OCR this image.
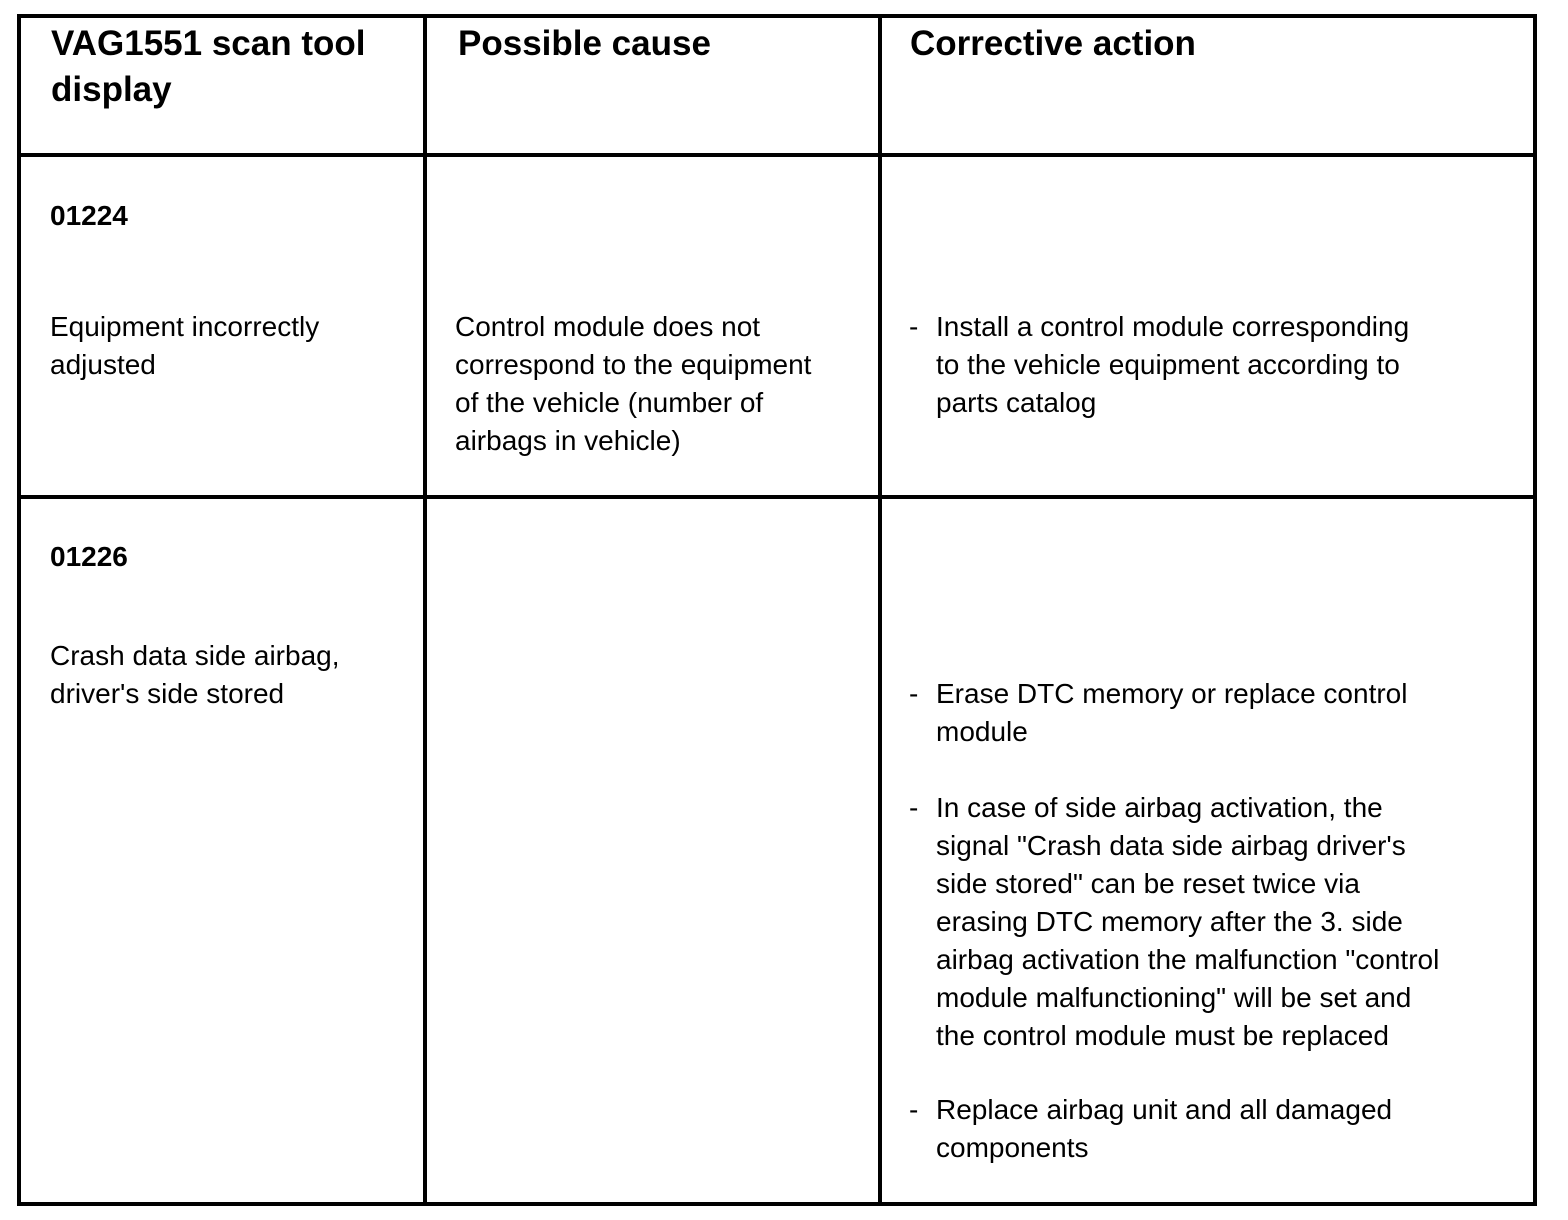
VAG1551 scan tool
display
Possible cause	Corrective action
01224
Equipment incorrectly
adjusted
Control module does not
correspond to the equipment
of the vehicle (number of
airbags in vehicle)
- Install a control module corresponding
to the vehicle equipment according to
parts catalog
01226
Crash data side airbag,
driver's side stored	- Erase DTC memory or replace control
module
- In case of side airbag activation, the
signal "Crash data side airbag driver's
side stored" can be reset twice via
erasing DTC memory after the 3. side
airbag activation the malfunction "control
module malfunctioning" will be set and
the control module must be replaced
- Replace airbag unit and all damaged
components
